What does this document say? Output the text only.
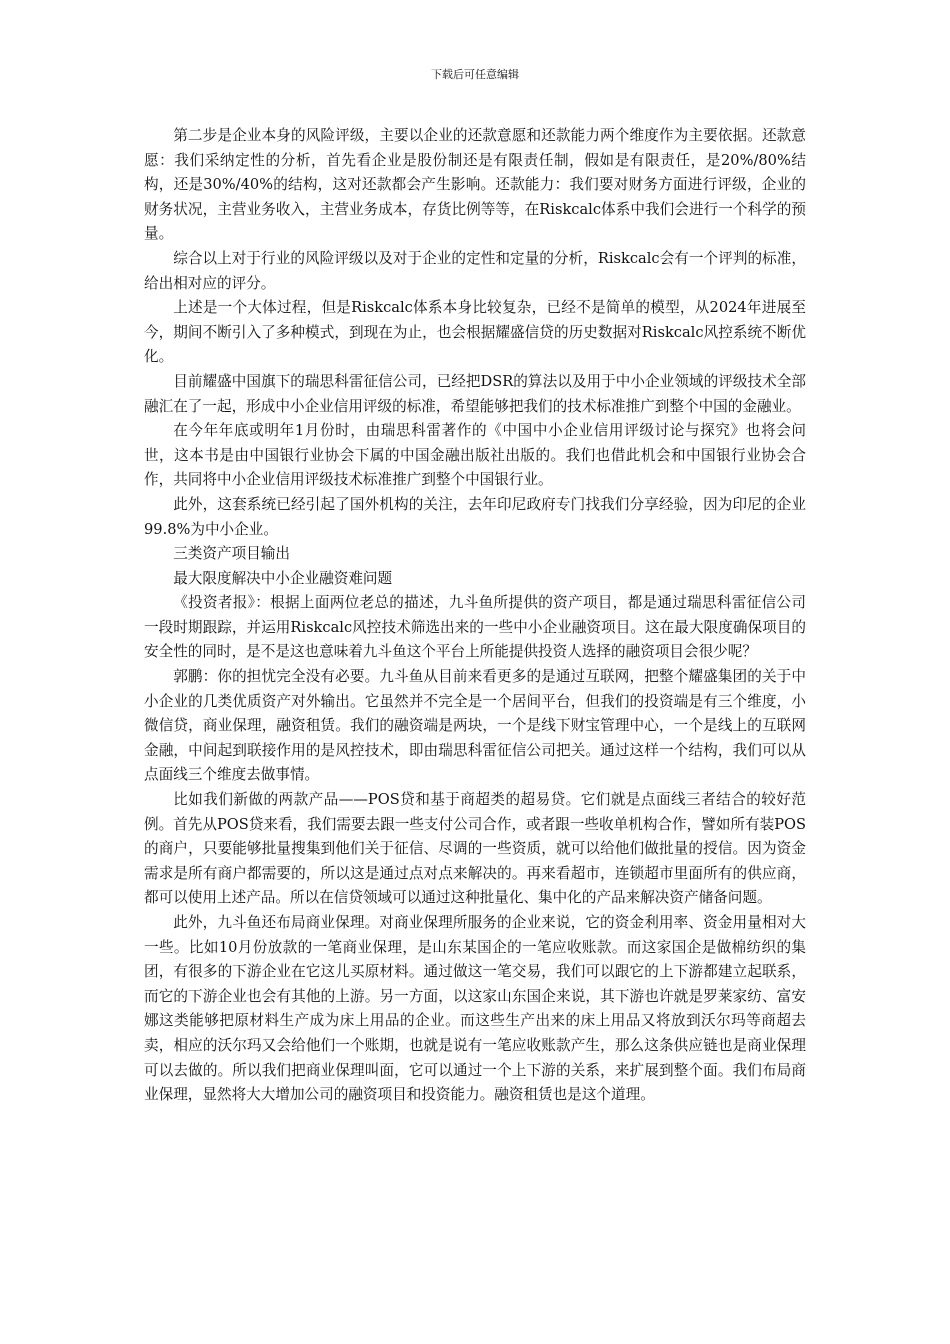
下载后可任意编辑

第二步是企业本身的风险评级，主要以企业的还款意愿和还款能力两个维度作为主要依据。还款意愿：我们采纳定性的分析，首先看企业是股份制还是有限责任制，假如是有限责任，是20%/80%结构，还是30%/40%的结构，这对还款都会产生影响。还款能力：我们要对财务方面进行评级，企业的财务状况，主营业务收入，主营业务成本，存货比例等等，在Riskcalc体系中我们会进行一个科学的预量。

综合以上对于行业的风险评级以及对于企业的定性和定量的分析，Riskcalc会有一个评判的标准，给出相对应的评分。

上述是一个大体过程，但是Riskcalc体系本身比较复杂，已经不是简单的模型，从2024年进展至今，期间不断引入了多种模式，到现在为止，也会根据耀盛信贷的历史数据对Riskcalc风控系统不断优化。

目前耀盛中国旗下的瑞思科雷征信公司，已经把DSR的算法以及用于中小企业领域的评级技术全部融汇在了一起，形成中小企业信用评级的标准，希望能够把我们的技术标准推广到整个中国的金融业。

在今年年底或明年1月份时，由瑞思科雷著作的《中国中小企业信用评级讨论与探究》也将会问世，这本书是由中国银行业协会下属的中国金融出版社出版的。我们也借此机会和中国银行业协会合作，共同将中小企业信用评级技术标准推广到整个中国银行业。

此外，这套系统已经引起了国外机构的关注，去年印尼政府专门找我们分享经验，因为印尼的企业99.8%为中小企业。

三类资产项目输出

最大限度解决中小企业融资难问题

《投资者报》：根据上面两位老总的描述，九斗鱼所提供的资产项目，都是通过瑞思科雷征信公司一段时期跟踪，并运用Riskcalc风控技术筛选出来的一些中小企业融资项目。这在最大限度确保项目的安全性的同时，是不是这也意味着九斗鱼这个平台上所能提供投资人选择的融资项目会很少呢？

郭鹏：你的担忧完全没有必要。九斗鱼从目前来看更多的是通过互联网，把整个耀盛集团的关于中小企业的几类优质资产对外输出。它虽然并不完全是一个居间平台，但我们的投资端是有三个维度，小微信贷，商业保理，融资租赁。我们的融资端是两块，一个是线下财宝管理中心，一个是线上的互联网金融，中间起到联接作用的是风控技术，即由瑞思科雷征信公司把关。通过这样一个结构，我们可以从点面线三个维度去做事情。

比如我们新做的两款产品——POS贷和基于商超类的超易贷。它们就是点面线三者结合的较好范例。首先从POS贷来看，我们需要去跟一些支付公司合作，或者跟一些收单机构合作，譬如所有装POS的商户，只要能够批量搜集到他们关于征信、尽调的一些资质，就可以给他们做批量的授信。因为资金需求是所有商户都需要的，所以这是通过点对点来解决的。再来看超市，连锁超市里面所有的供应商，都可以使用上述产品。所以在信贷领域可以通过这种批量化、集中化的产品来解决资产储备问题。

此外，九斗鱼还布局商业保理。对商业保理所服务的企业来说，它的资金利用率、资金用量相对大一些。比如10月份放款的一笔商业保理，是山东某国企的一笔应收账款。而这家国企是做棉纺织的集团，有很多的下游企业在它这儿买原材料。通过做这一笔交易，我们可以跟它的上下游都建立起联系，而它的下游企业也会有其他的上游。另一方面，以这家山东国企来说，其下游也许就是罗莱家纺、富安娜这类能够把原材料生产成为床上用品的企业。而这些生产出来的床上用品又将放到沃尔玛等商超去卖，相应的沃尔玛又会给他们一个账期，也就是说有一笔应收账款产生，那么这条供应链也是商业保理可以去做的。所以我们把商业保理叫面，它可以通过一个上下游的关系，来扩展到整个面。我们布局商业保理，显然将大大增加公司的融资项目和投资能力。融资租赁也是这个道理。
